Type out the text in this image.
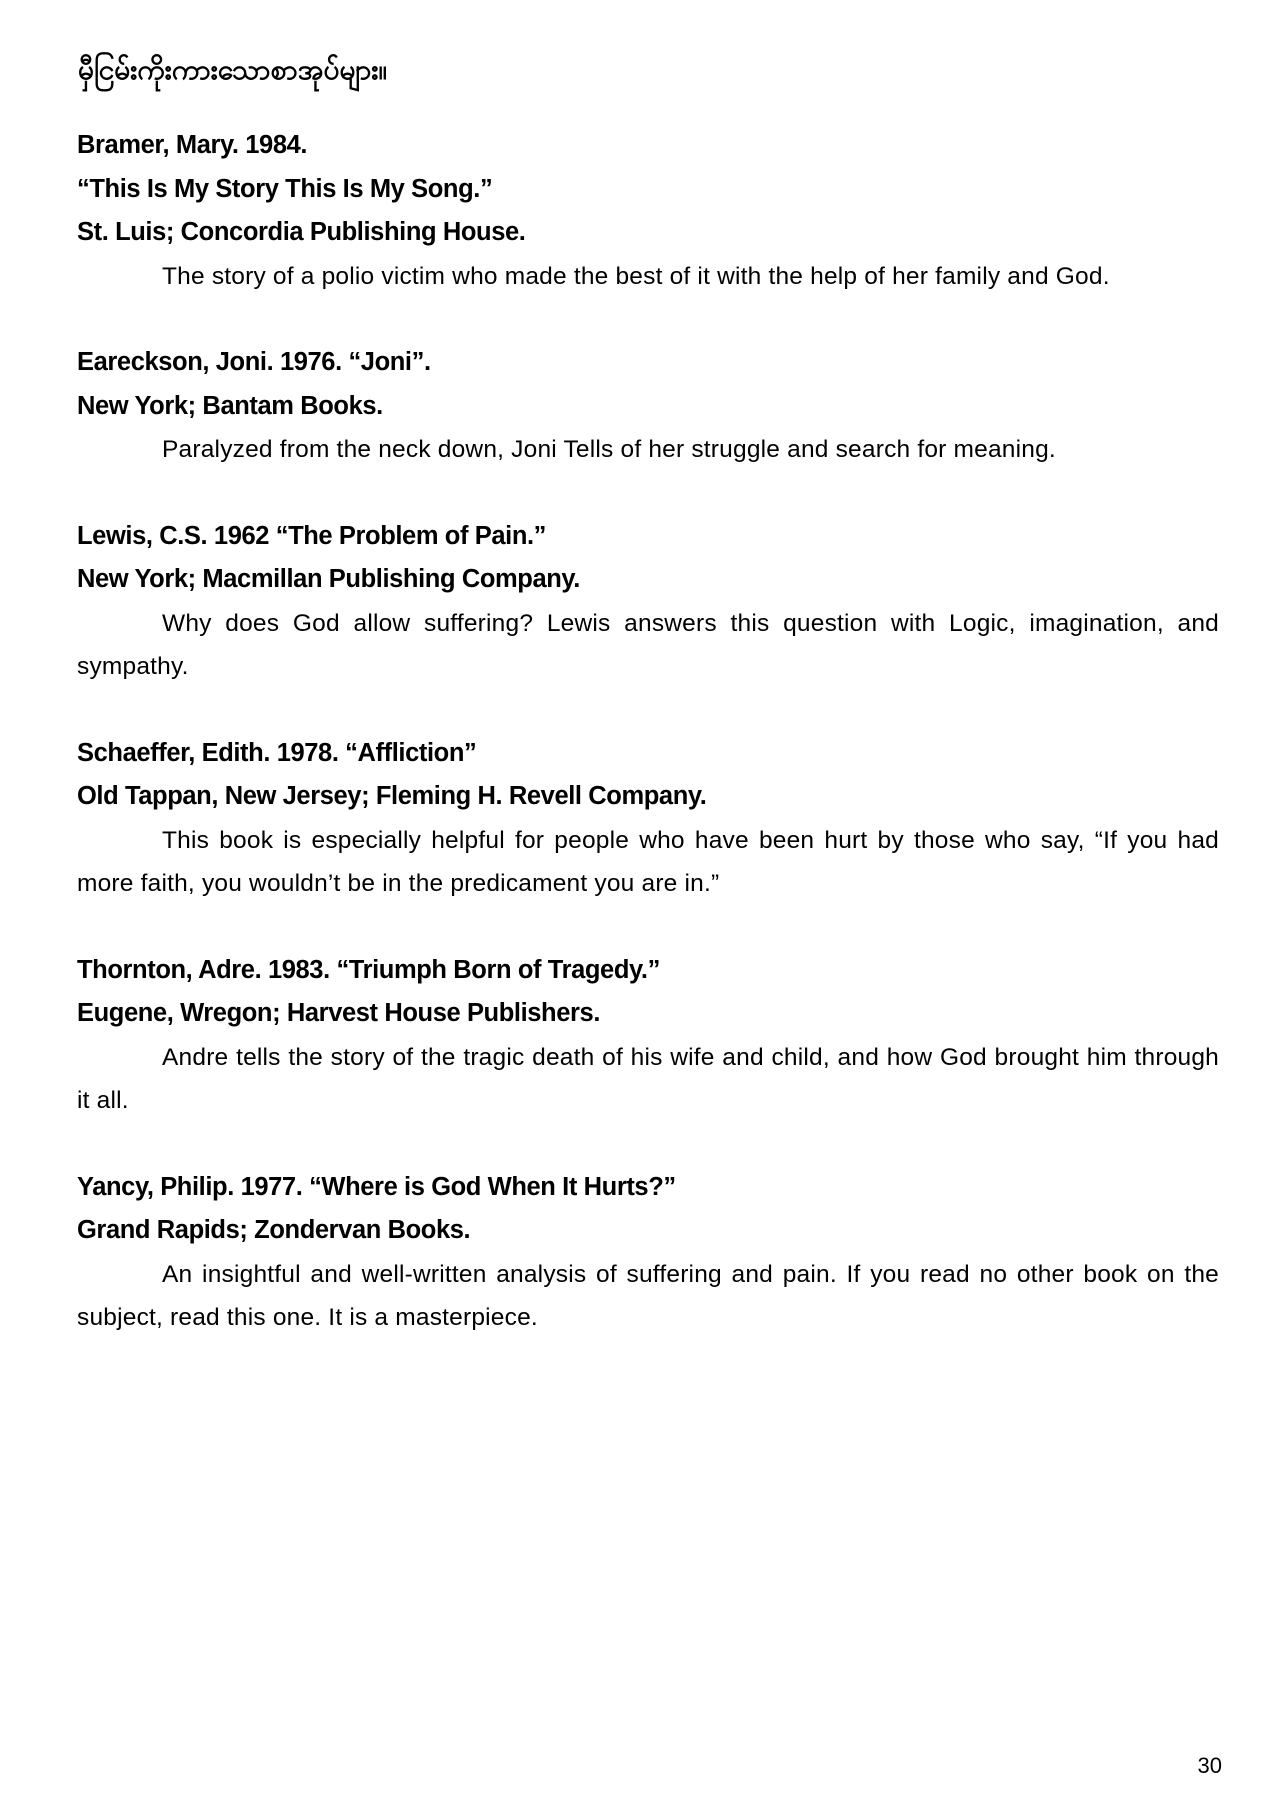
မှီငြမ်းကိုးကားသောစာအုပ်များ။
Bramer, Mary. 1984.
“This Is My Story This Is My Song.”
St. Luis; Concordia Publishing House.

The story of a polio victim who made the best of it with the help of her family and God.

Eareckson, Joni. 1976. “Joni”.
New York; Bantam Books.

Paralyzed from the neck down, Joni Tells of her struggle and search for meaning.

Lewis, C.S. 1962 “The Problem of Pain.”
New York; Macmillan Publishing Company.

Why does God allow suffering? Lewis answers this question with Logic, imagination, and sympathy.

Schaeffer, Edith. 1978. “Affliction”
Old Tappan, New Jersey; Fleming H. Revell Company.

This book is especially helpful for people who have been hurt by those who say, “If you had more faith, you wouldn’t be in the predicament you are in.”

Thornton, Adre. 1983. “Triumph Born of Tragedy.”
Eugene, Wregon; Harvest House Publishers.

Andre tells the story of the tragic death of his wife and child, and how God brought him through it all.

Yancy, Philip. 1977. “Where is God When It Hurts?”
Grand Rapids; Zondervan Books.

An insightful and well-written analysis of suffering and pain. If you read no other book on the subject, read this one. It is a masterpiece.

30
